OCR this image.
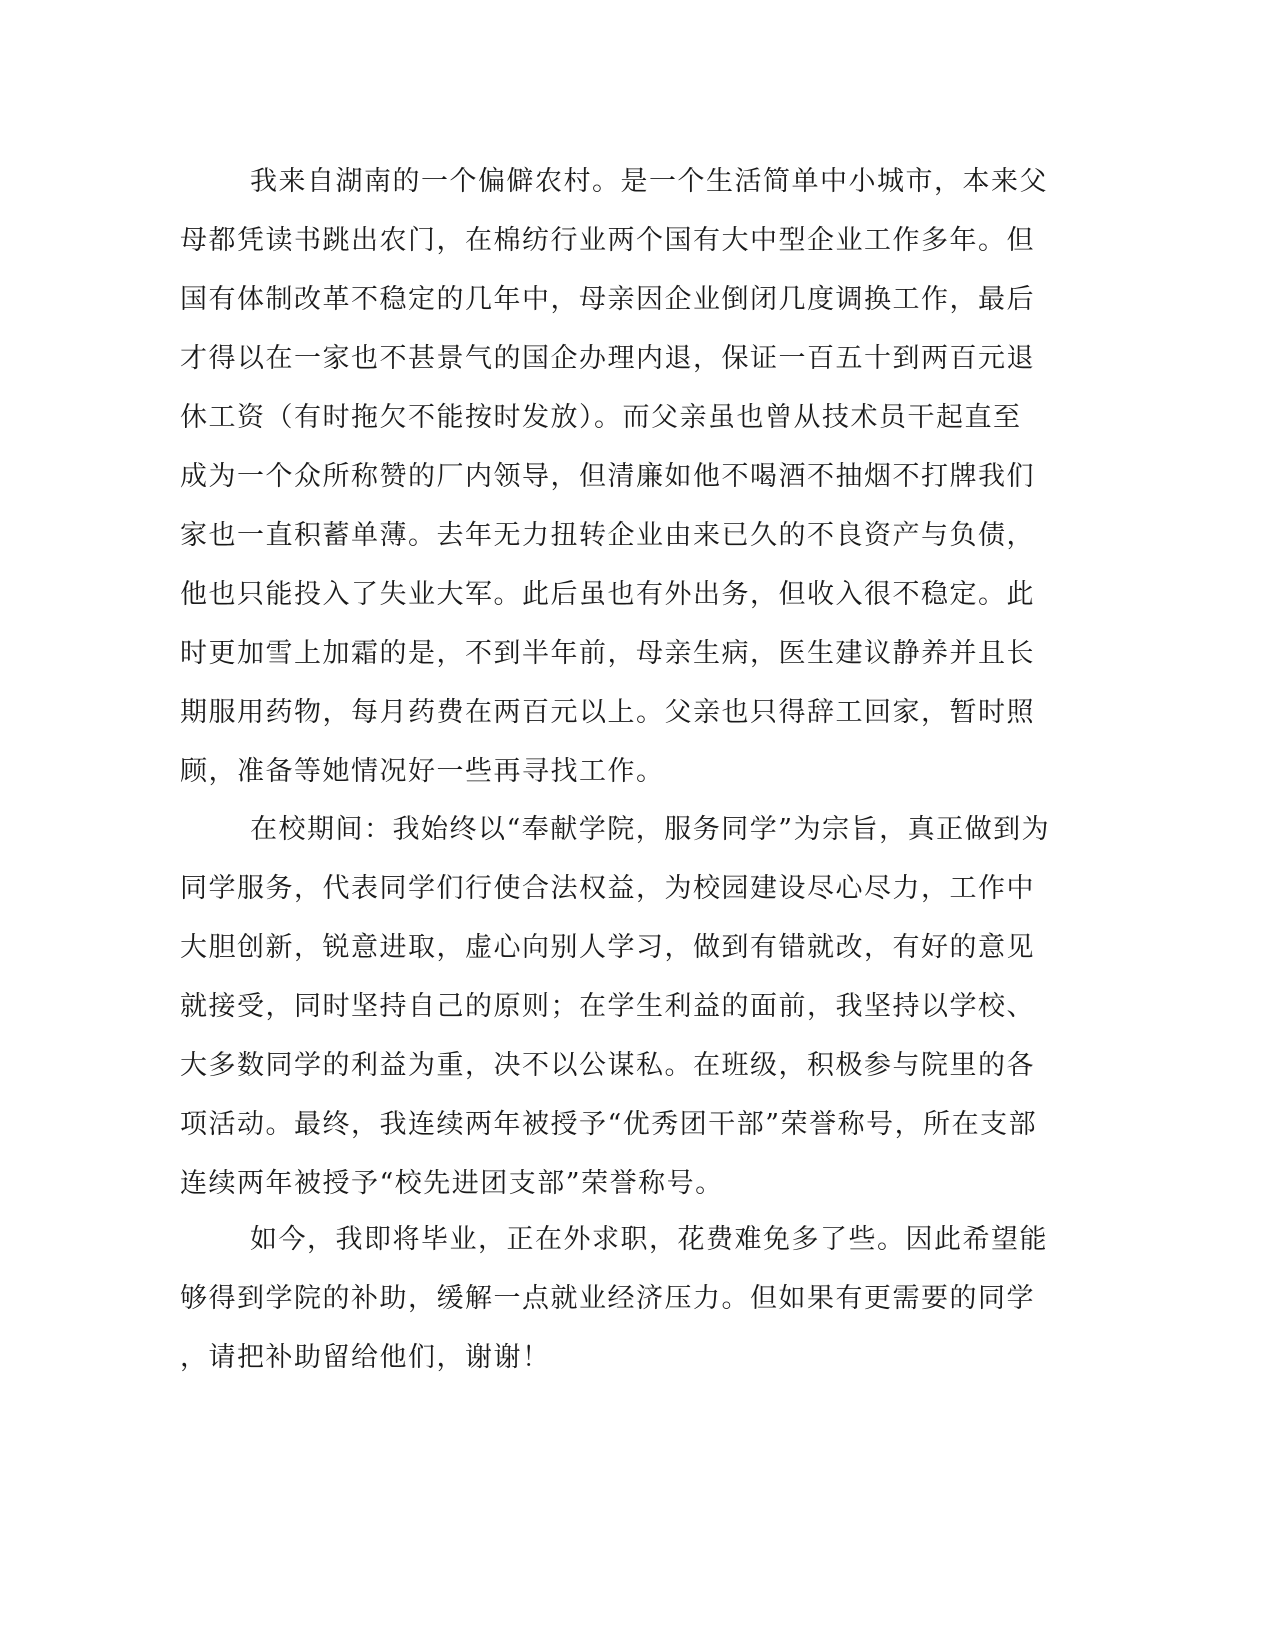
我来自湖南的一个偏僻农村。是一个生活简单中小城市，本来父
母都凭读书跳出农门，在棉纺行业两个国有大中型企业工作多年。但
国有体制改革不稳定的几年中，母亲因企业倒闭几度调换工作，最后
才得以在一家也不甚景气的国企办理内退，保证一百五十到两百元退
休工资（有时拖欠不能按时发放）。而父亲虽也曾从技术员干起直至
成为一个众所称赞的厂内领导，但清廉如他不喝酒不抽烟不打牌我们
家也一直积蓄单薄。去年无力扭转企业由来已久的不良资产与负债，
他也只能投入了失业大军。此后虽也有外出务，但收入很不稳定。此
时更加雪上加霜的是，不到半年前，母亲生病，医生建议静养并且长
期服用药物，每月药费在两百元以上。父亲也只得辞工回家，暂时照
顾，准备等她情况好一些再寻找工作。
在校期间：我始终以“奉献学院，服务同学”为宗旨，真正做到为
同学服务，代表同学们行使合法权益，为校园建设尽心尽力，工作中
大胆创新，锐意进取，虚心向别人学习，做到有错就改，有好的意见
就接受，同时坚持自己的原则；在学生利益的面前，我坚持以学校、
大多数同学的利益为重，决不以公谋私。在班级，积极参与院里的各
项活动。最终，我连续两年被授予“优秀团干部”荣誉称号，所在支部
连续两年被授予“校先进团支部”荣誉称号。
如今，我即将毕业，正在外求职，花费难免多了些。因此希望能
够得到学院的补助，缓解一点就业经济压力。但如果有更需要的同学
，请把补助留给他们，谢谢！
